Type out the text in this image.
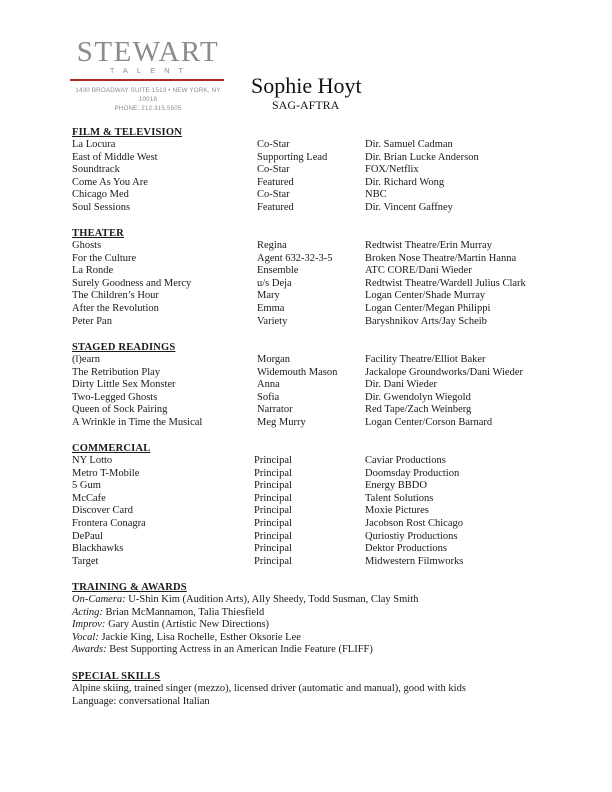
STEWART
TALENT
1430 BROADWAY SUITE 1513 • NEW YORK, NY 10018
PHONE: 212.315.5505
Sophie Hoyt
SAG-AFTRA
FILM & TELEVISION
La Locura	Co-Star	Dir. Samuel Cadman
East of Middle West	Supporting Lead	Dir. Brian Lucke Anderson
Soundtrack	Co-Star	FOX/Netflix
Come As You Are	Featured	Dir. Richard Wong
Chicago Med	Co-Star	NBC
Soul Sessions	Featured	Dir. Vincent Gaffney
THEATER
Ghosts	Regina	Redtwist Theatre/Erin Murray
For the Culture	Agent 632-32-3-5	Broken Nose Theatre/Martin Hanna
La Ronde	Ensemble	ATC CORE/Dani Wieder
Surely Goodness and Mercy	u/s Deja	Redtwist Theatre/Wardell Julius Clark
The Children’s Hour	Mary	Logan Center/Shade Murray
After the Revolution	Emma	Logan Center/Megan Philippi
Peter Pan	Variety	Baryshnikov Arts/Jay Scheib
STAGED READINGS
(l)earn	Morgan	Facility Theatre/Elliot Baker
The Retribution Play	Widemouth Mason	Jackalope Groundworks/Dani Wieder
Dirty Little Sex Monster	Anna	Dir. Dani Wieder
Two-Legged Ghosts	Sofia	Dir. Gwendolyn Wiegold
Queen of Sock Pairing	Narrator	Red Tape/Zach Weinberg
A Wrinkle in Time the Musical	Meg Murry	Logan Center/Corson Barnard
COMMERCIAL
NY Lotto	Principal	Caviar Productions
Metro T-Mobile	Principal	Doomsday Production
5 Gum	Principal	Energy BBDO
McCafe	Principal	Talent Solutions
Discover Card	Principal	Moxie Pictures
Frontera Conagra	Principal	Jacobson Rost Chicago
DePaul	Principal	Quriostiy Productions
Blackhawks	Principal	Dektor Productions
Target	Principal	Midwestern Filmworks
TRAINING & AWARDS
On-Camera: U-Shin Kim (Audition Arts), Ally Sheedy, Todd Susman, Clay Smith
Acting: Brian McMannamon, Talia Thiesfield
Improv: Gary Austin (Artistic New Directions)
Vocal: Jackie King, Lisa Rochelle, Esther Oksorie Lee
Awards: Best Supporting Actress in an American Indie Feature (FLIFF)
SPECIAL SKILLS
Alpine skiing, trained singer (mezzo), licensed driver (automatic and manual), good with kids
Language: conversational Italian
